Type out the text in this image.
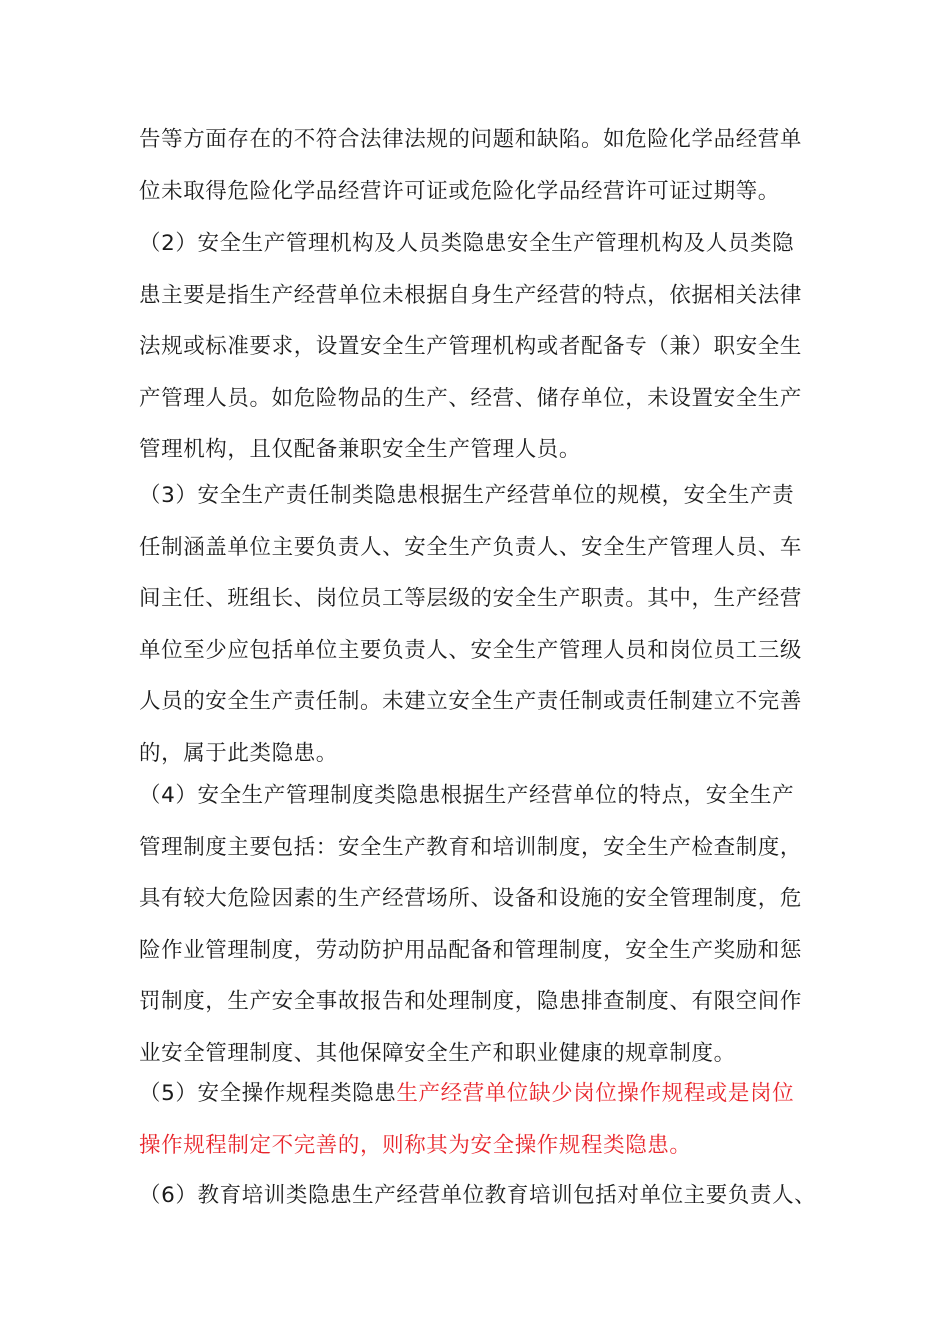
告等方面存在的不符合法律法规的问题和缺陷。如危险化学品经营单
位未取得危险化学品经营许可证或危险化学品经营许可证过期等。
（2）安全生产管理机构及人员类隐患安全生产管理机构及人员类隐
患主要是指生产经营单位未根据自身生产经营的特点，依据相关法律
法规或标准要求，设置安全生产管理机构或者配备专（兼）职安全生
产管理人员。如危险物品的生产、经营、储存单位，未设置安全生产
管理机构，且仅配备兼职安全生产管理人员。
（3）安全生产责任制类隐患根据生产经营单位的规模，安全生产责
任制涵盖单位主要负责人、安全生产负责人、安全生产管理人员、车
间主任、班组长、岗位员工等层级的安全生产职责。其中，生产经营
单位至少应包括单位主要负责人、安全生产管理人员和岗位员工三级
人员的安全生产责任制。未建立安全生产责任制或责任制建立不完善
的，属于此类隐患。
（4）安全生产管理制度类隐患根据生产经营单位的特点，安全生产
管理制度主要包括：安全生产教育和培训制度，安全生产检查制度，
具有较大危险因素的生产经营场所、设备和设施的安全管理制度，危
险作业管理制度，劳动防护用品配备和管理制度，安全生产奖励和惩
罚制度，生产安全事故报告和处理制度，隐患排查制度、有限空间作
业安全管理制度、其他保障安全生产和职业健康的规章制度。
（5）安全操作规程类隐患生产经营单位缺少岗位操作规程或是岗位
操作规程制定不完善的，则称其为安全操作规程类隐患。
（6）教育培训类隐患生产经营单位教育培训包括对单位主要负责人、
